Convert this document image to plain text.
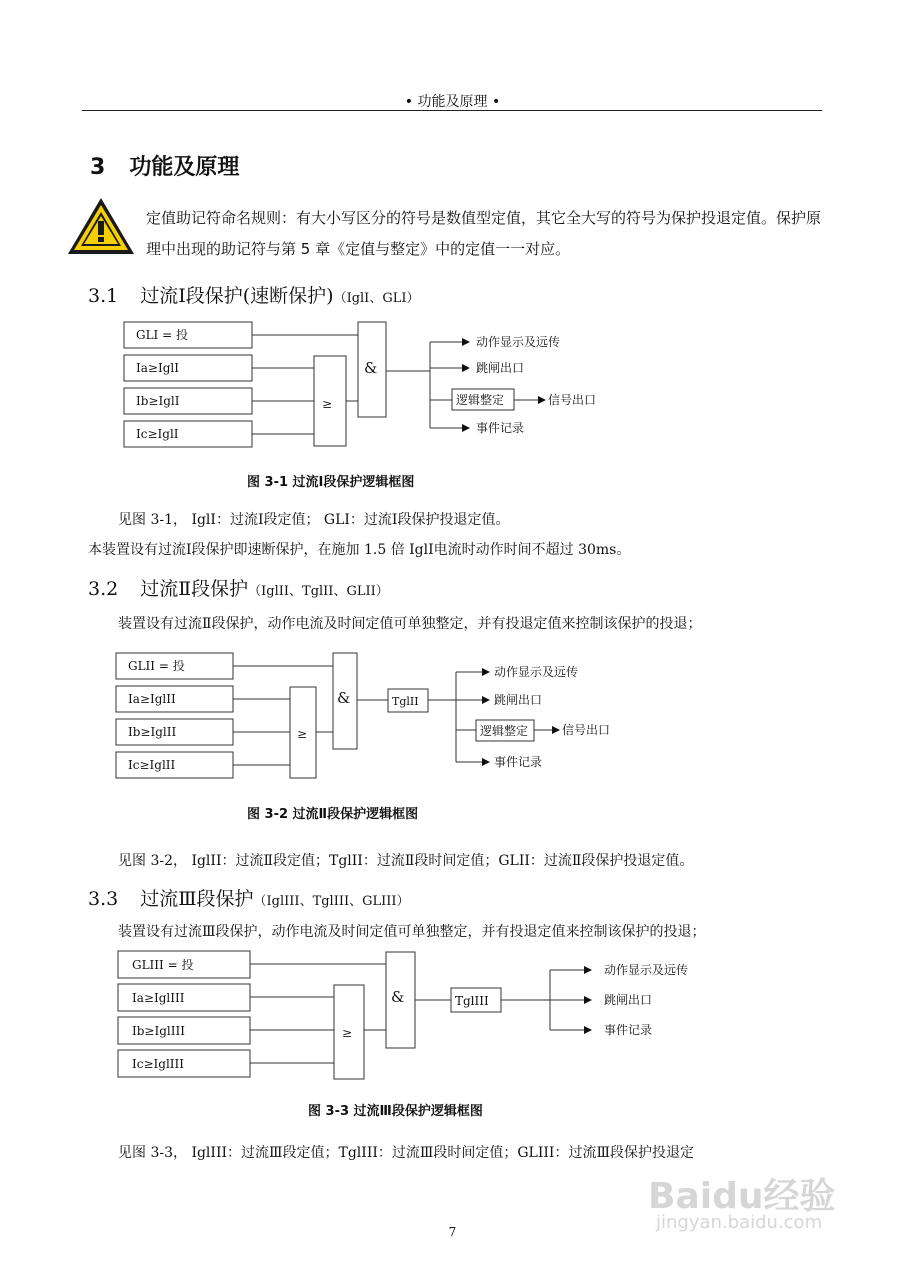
• 功能及原理 •
3 功能及原理
定值助记符命名规则：有大小写区分的符号是数值型定值，其它全大写的符号为保护投退定值。保护原理中出现的助记符与第 5 章《定值与整定》中的定值一一对应。
3.1 过流Ⅰ段保护(速断保护)（IglI、GLI）
GLI = 投
Ia≥IglI
Ib≥IglI
Ic≥IglI
≥
&
动作显示及远传
跳闸出口
逻辑整定	信号出口
事件记录
图 3-1 过流Ⅰ段保护逻辑框图
见图 3-1， IglI：过流Ⅰ段定值； GLI：过流Ⅰ段保护投退定值。
本装置设有过流Ⅰ段保护即速断保护，在施加 1.5 倍 IglⅠ电流时动作时间不超过 30ms。
3.2 过流Ⅱ段保护（IglII、TglII、GLII）
装置设有过流Ⅱ段保护，动作电流及时间定值可单独整定，并有投退定值来控制该保护的投退；
GLII = 投
Ia≥IglII
Ib≥IglII
Ic≥IglII
≥
&	TglII
动作显示及远传
跳闸出口
逻辑整定	信号出口
事件记录
图 3-2 过流Ⅱ段保护逻辑框图
见图 3-2， IglII：过流Ⅱ段定值；TglII：过流Ⅱ段时间定值；GLII：过流Ⅱ段保护投退定值。
3.3 过流Ⅲ段保护（IglIII、TglIII、GLIII）
装置设有过流Ⅲ段保护，动作电流及时间定值可单独整定，并有投退定值来控制该保护的投退；
GLIII = 投
Ia≥IglIII
Ib≥IglIII
Ic≥IglIII
≥
&	TglIII
动作显示及远传
跳闸出口
事件记录
图 3-3 过流Ⅲ段保护逻辑框图
见图 3-3， IglIII：过流Ⅲ段定值；TglIII：过流Ⅲ段时间定值；GLIII：过流Ⅲ段保护投退定
Baidu经验
jingyan.baidu.com
7
